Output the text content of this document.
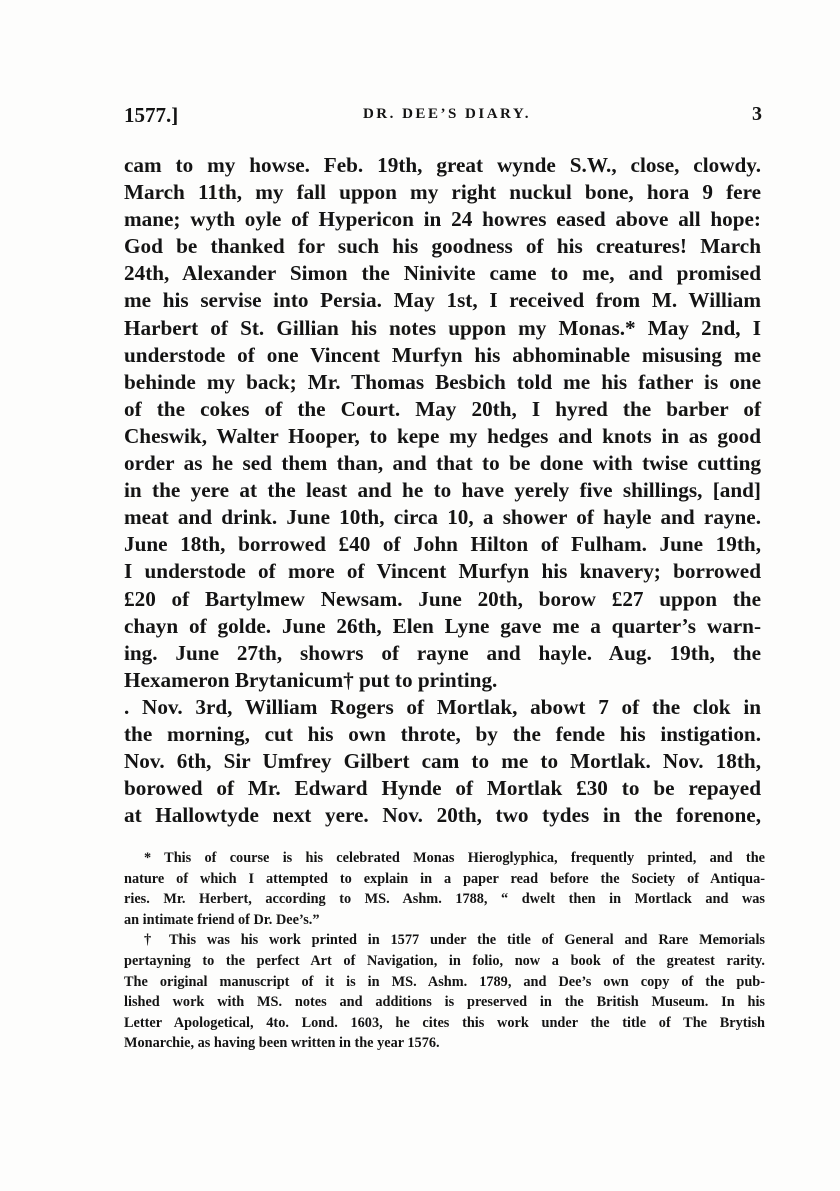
1577.]	DR. DEE’S DIARY.	3
cam to my howse. Feb. 19th, great wynde S.W., close, clowdy.
March 11th, my fall uppon my right nuckul bone, hora 9 fere
mane; wyth oyle of Hypericon in 24 howres eased above all hope:
God be thanked for such his goodness of his creatures! March
24th, Alexander Simon the Ninivite came to me, and promised
me his servise into Persia. May 1st, I received from M. William
Harbert of St. Gillian his notes uppon my Monas.* May 2nd, I
understode of one Vincent Murfyn his abhominable misusing me
behinde my back; Mr. Thomas Besbich told me his father is one
of the cokes of the Court. May 20th, I hyred the barber of
Cheswik, Walter Hooper, to kepe my hedges and knots in as good
order as he sed them than, and that to be done with twise cutting
in the yere at the least and he to have yerely five shillings, [and]
meat and drink. June 10th, circa 10, a shower of hayle and rayne.
June 18th, borrowed £40 of John Hilton of Fulham. June 19th,
I understode of more of Vincent Murfyn his knavery; borrowed
£20 of Bartylmew Newsam. June 20th, borow £27 uppon the
chayn of golde. June 26th, Elen Lyne gave me a quarter’s warn-
ing. June 27th, showrs of rayne and hayle. Aug. 19th, the
Hexameron Brytanicum† put to printing.
. Nov. 3rd, William Rogers of Mortlak, abowt 7 of the clok in
the morning, cut his own throte, by the fende his instigation.
Nov. 6th, Sir Umfrey Gilbert cam to me to Mortlak. Nov. 18th,
borowed of Mr. Edward Hynde of Mortlak £30 to be repayed
at Hallowtyde next yere. Nov. 20th, two tydes in the forenone,
* This of course is his celebrated Monas Hieroglyphica, frequently printed, and the
nature of which I attempted to explain in a paper read before the Society of Antiqua-
ries. Mr. Herbert, according to MS. Ashm. 1788, “ dwelt then in Mortlack and was
an intimate friend of Dr. Dee’s.”
† This was his work printed in 1577 under the title of General and Rare Memorials
pertayning to the perfect Art of Navigation, in folio, now a book of the greatest rarity.
The original manuscript of it is in MS. Ashm. 1789, and Dee’s own copy of the pub-
lished work with MS. notes and additions is preserved in the British Museum. In his
Letter Apologetical, 4to. Lond. 1603, he cites this work under the title of The Brytish
Monarchie, as having been written in the year 1576.
